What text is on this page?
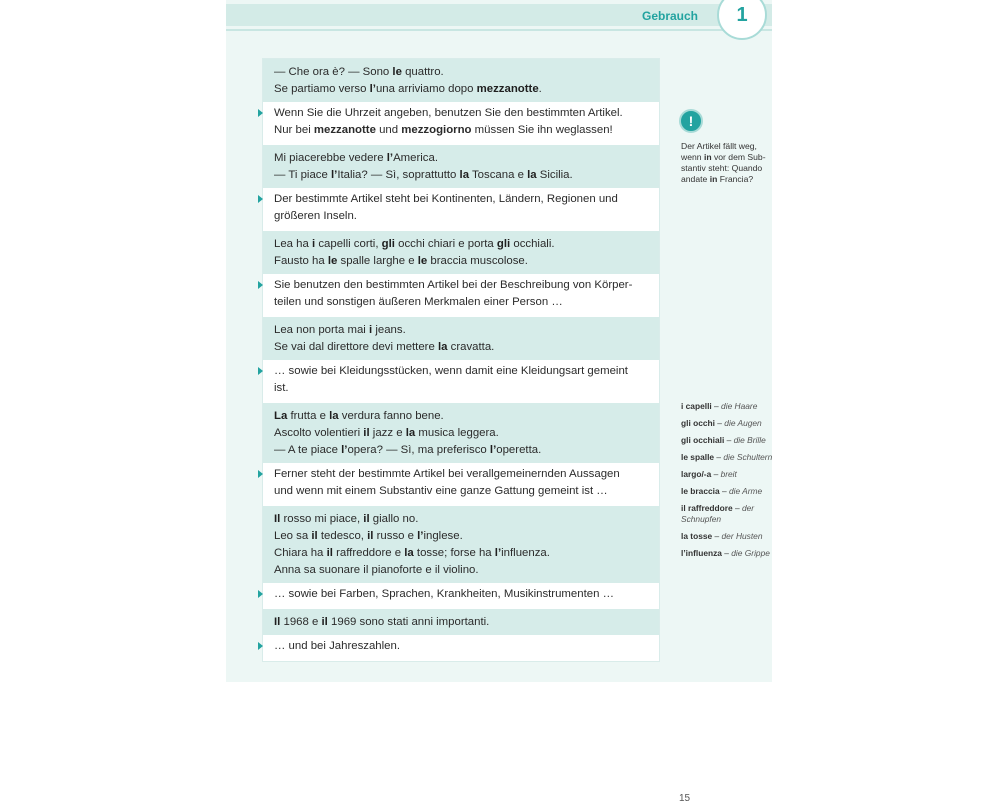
Gebrauch	1
— Che ora è? — Sono le quattro.
Se partiamo verso l’una arriviamo dopo mezzanotte.
Wenn Sie die Uhrzeit angeben, benutzen Sie den bestimmten Artikel.
Nur bei mezzanotte und mezzogiorno müssen Sie ihn weglassen!
Mi piacerebbe vedere l’America.
— Ti piace l’Italia? — Sì, soprattutto la Toscana e la Sicilia.
Der bestimmte Artikel steht bei Kontinenten, Ländern, Regionen und
größeren Inseln.
Lea ha i capelli corti, gli occhi chiari e porta gli occhiali.
Fausto ha le spalle larghe e le braccia muscolose.
Sie benutzen den bestimmten Artikel bei der Beschreibung von Körper-
teilen und sonstigen äußeren Merkmalen einer Person …
Lea non porta mai i jeans.
Se vai dal direttore devi mettere la cravatta.
… sowie bei Kleidungsstücken, wenn damit eine Kleidungsart gemeint
ist.
La frutta e la verdura fanno bene.
Ascolto volentieri il jazz e la musica leggera.
— A te piace l’opera? — Sì, ma preferisco l’operetta.
Ferner steht der bestimmte Artikel bei verallgemeinernden Aussagen
und wenn mit einem Substantiv eine ganze Gattung gemeint ist …
Il rosso mi piace, il giallo no.
Leo sa il tedesco, il russo e l’inglese.
Chiara ha il raffreddore e la tosse; forse ha l’influenza.
Anna sa suonare il pianoforte e il violino.
… sowie bei Farben, Sprachen, Krankheiten, Musikinstrumenten …
Il 1968 e il 1969 sono stati anni importanti.
… und bei Jahreszahlen.
!
Der Artikel fällt weg, wenn in vor dem Substantiv steht: Quando andate in Francia?
i capelli – die Haare
gli occhi – die Augen
gli occhiali – die Brille
le spalle – die Schultern
largo/-a – breit
le braccia – die Arme
il raffreddore – der Schnupfen
la tosse – der Husten
l’influenza – die Grippe
15
